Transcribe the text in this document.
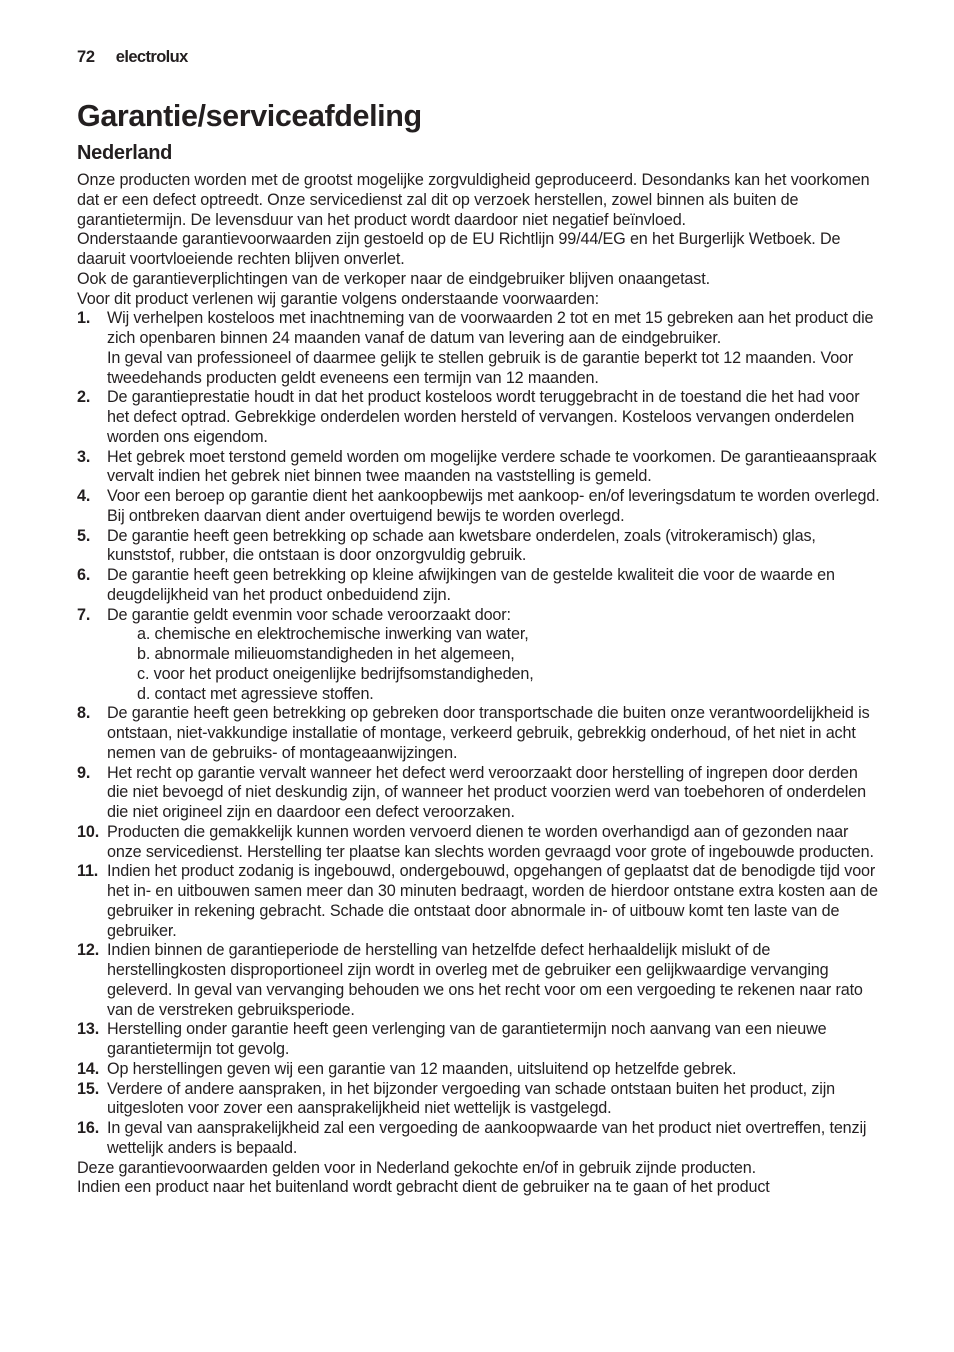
72 electrolux
Garantie/serviceafdeling
Nederland

Onze producten worden met de grootst mogelijke zorgvuldigheid geproduceerd. Desondanks kan het voorkomen dat er een defect optreedt. Onze servicedienst zal dit op verzoek herstellen, zowel binnen als buiten de garantietermijn. De levensduur van het product wordt daardoor niet negatief beïnvloed.

Onderstaande garantievoorwaarden zijn gestoeld op de EU Richtlijn 99/44/EG en het Burgerlijk Wetboek. De daaruit voortvloeiende rechten blijven onverlet.

Ook de garantieverplichtingen van de verkoper naar de eindgebruiker blijven onaangetast.

Voor dit product verlenen wij garantie volgens onderstaande voorwaarden:

1. Wij verhelpen kosteloos met inachtneming van de voorwaarden 2 tot en met 15 gebreken aan het product die zich openbaren binnen 24 maanden vanaf de datum van levering aan de eindgebruiker.
In geval van professioneel of daarmee gelijk te stellen gebruik is de garantie beperkt tot 12 maanden. Voor tweedehands producten geldt eveneens een termijn van 12 maanden.
2. De garantieprestatie houdt in dat het product kosteloos wordt teruggebracht in de toestand die het had voor het defect optrad. Gebrekkige onderdelen worden hersteld of vervangen. Kosteloos vervangen onderdelen worden ons eigendom.
3. Het gebrek moet terstond gemeld worden om mogelijke verdere schade te voorkomen. De garantieaanspraak vervalt indien het gebrek niet binnen twee maanden na vaststelling is gemeld.
4. Voor een beroep op garantie dient het aankoopbewijs met aankoop- en/of leveringsdatum te worden overlegd. Bij ontbreken daarvan dient ander overtuigend bewijs te worden overlegd.
5. De garantie heeft geen betrekking op schade aan kwetsbare onderdelen, zoals (vitrokeramisch) glas, kunststof, rubber, die ontstaan is door onzorgvuldig gebruik.
6. De garantie heeft geen betrekking op kleine afwijkingen van de gestelde kwaliteit die voor de waarde en deugdelijkheid van het product onbeduidend zijn.
7. De garantie geldt evenmin voor schade veroorzaakt door:
a. chemische en elektrochemische inwerking van water,
b. abnormale milieuomstandigheden in het algemeen,
c. voor het product oneigenlijke bedrijfsomstandigheden,
d. contact met agressieve stoffen.
8. De garantie heeft geen betrekking op gebreken door transportschade die buiten onze verantwoordelijkheid is ontstaan, niet-vakkundige installatie of montage, verkeerd gebruik, gebrekkig onderhoud, of het niet in acht nemen van de gebruiks- of montageaanwijzingen.
9. Het recht op garantie vervalt wanneer het defect werd veroorzaakt door herstelling of ingrepen door derden die niet bevoegd of niet deskundig zijn, of wanneer het product voorzien werd van toebehoren of onderdelen die niet origineel zijn en daardoor een defect veroorzaken.
10. Producten die gemakkelijk kunnen worden vervoerd dienen te worden overhandigd aan of gezonden naar onze servicedienst. Herstelling ter plaatse kan slechts worden gevraagd voor grote of ingebouwde producten.
11. Indien het product zodanig is ingebouwd, ondergebouwd, opgehangen of geplaatst dat de benodigde tijd voor het in- en uitbouwen samen meer dan 30 minuten bedraagt, worden de hierdoor ontstane extra kosten aan de gebruiker in rekening gebracht. Schade die ontstaat door abnormale in- of uitbouw komt ten laste van de gebruiker.
12. Indien binnen de garantieperiode de herstelling van hetzelfde defect herhaaldelijk mislukt of de herstellingkosten disproportioneel zijn wordt in overleg met de gebruiker een gelijkwaardige vervanging geleverd. In geval van vervanging behouden we ons het recht voor om een vergoeding te rekenen naar rato van de verstreken gebruiksperiode.
13. Herstelling onder garantie heeft geen verlenging van de garantietermijn noch aanvang van een nieuwe garantietermijn tot gevolg.
14. Op herstellingen geven wij een garantie van 12 maanden, uitsluitend op hetzelfde gebrek.
15. Verdere of andere aanspraken, in het bijzonder vergoeding van schade ontstaan buiten het product, zijn uitgesloten voor zover een aansprakelijkheid niet wettelijk is vastgelegd.
16. In geval van aansprakelijkheid zal een vergoeding de aankoopwaarde van het product niet overtreffen, tenzij wettelijk anders is bepaald.

Deze garantievoorwaarden gelden voor in Nederland gekochte en/of in gebruik zijnde producten.

Indien een product naar het buitenland wordt gebracht dient de gebruiker na te gaan of het product
